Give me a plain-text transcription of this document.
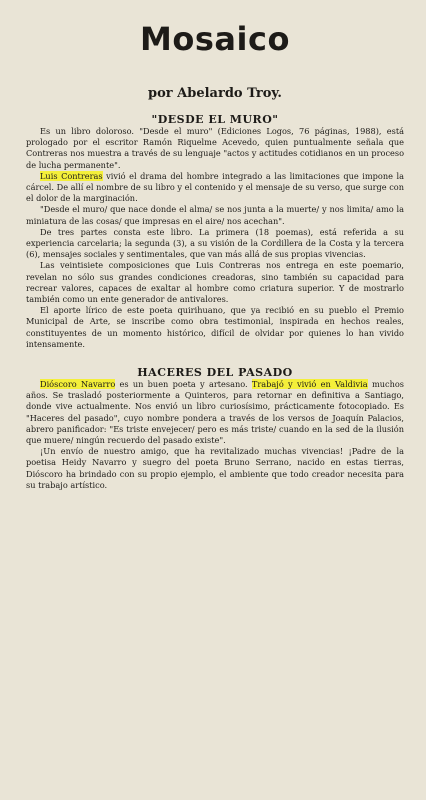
Mosaico
por Abelardo Troy.
"DESDE EL MURO"

Es un libro doloroso. "Desde el muro" (Ediciones Logos, 76 páginas, 1988), está prologado por el escritor Ramón Riquelme Acevedo, quien puntualmente señala que Contreras nos muestra a través de su lenguaje "actos y actitudes cotidianos en un proceso de lucha permanente".

Luis Contreras vivió el drama del hombre integrado a las limitaciones que impone la cárcel. De allí el nombre de su libro y el contenido y el mensaje de su verso, que surge con el dolor de la marginación.

"Desde el muro/ que nace donde el alma/ se nos junta a la muerte/ y nos limita/ amo la miniatura de las cosas/ que impresas en el aire/ nos acechan".

De tres partes consta este libro. La primera (18 poemas), está referida a su experiencia carcelaria; la segunda (3), a su visión de la Cordillera de la Costa y la tercera (6), mensajes sociales y sentimentales, que van más allá de sus propias vivencias.

Las veintisiete composiciones que Luis Contreras nos entrega en este poemario, revelan no sólo sus grandes condiciones creadoras, sino también su capacidad para recrear valores, capaces de exaltar al hombre como criatura superior. Y de mostrarlo también como un ente generador de antivalores.

El aporte lírico de este poeta quirihuano, que ya recibió en su pueblo el Premio Municipal de Arte, se inscribe como obra testimonial, inspirada en hechos reales, constituyentes de un momento histórico, difícil de olvidar por quienes lo han vivido intensamente.

HACERES DEL PASADO

Dióscoro Navarro es un buen poeta y artesano. Trabajó y vivió en Valdivia muchos años. Se trasladó posteriormente a Quinteros, para retornar en definitiva a Santiago, donde vive actualmente. Nos envió un libro curiosísimo, prácticamente fotocopiado. Es "Haceres del pasado", cuyo nombre pondera a través de los versos de Joaquín Palacios, abrero panificador: "Es triste envejecer/ pero es más triste/ cuando en la sed de la ilusión que muere/ ningún recuerdo del pasado existe".

¡Un envío de nuestro amigo, que ha revitalizado muchas vivencias! ¡Padre de la poetisa Heidy Navarro y suegro del poeta Bruno Serrano, nacido en estas tierras, Dióscoro ha brindado con su propio ejemplo, el ambiente que todo creador necesita para su trabajo artístico.
